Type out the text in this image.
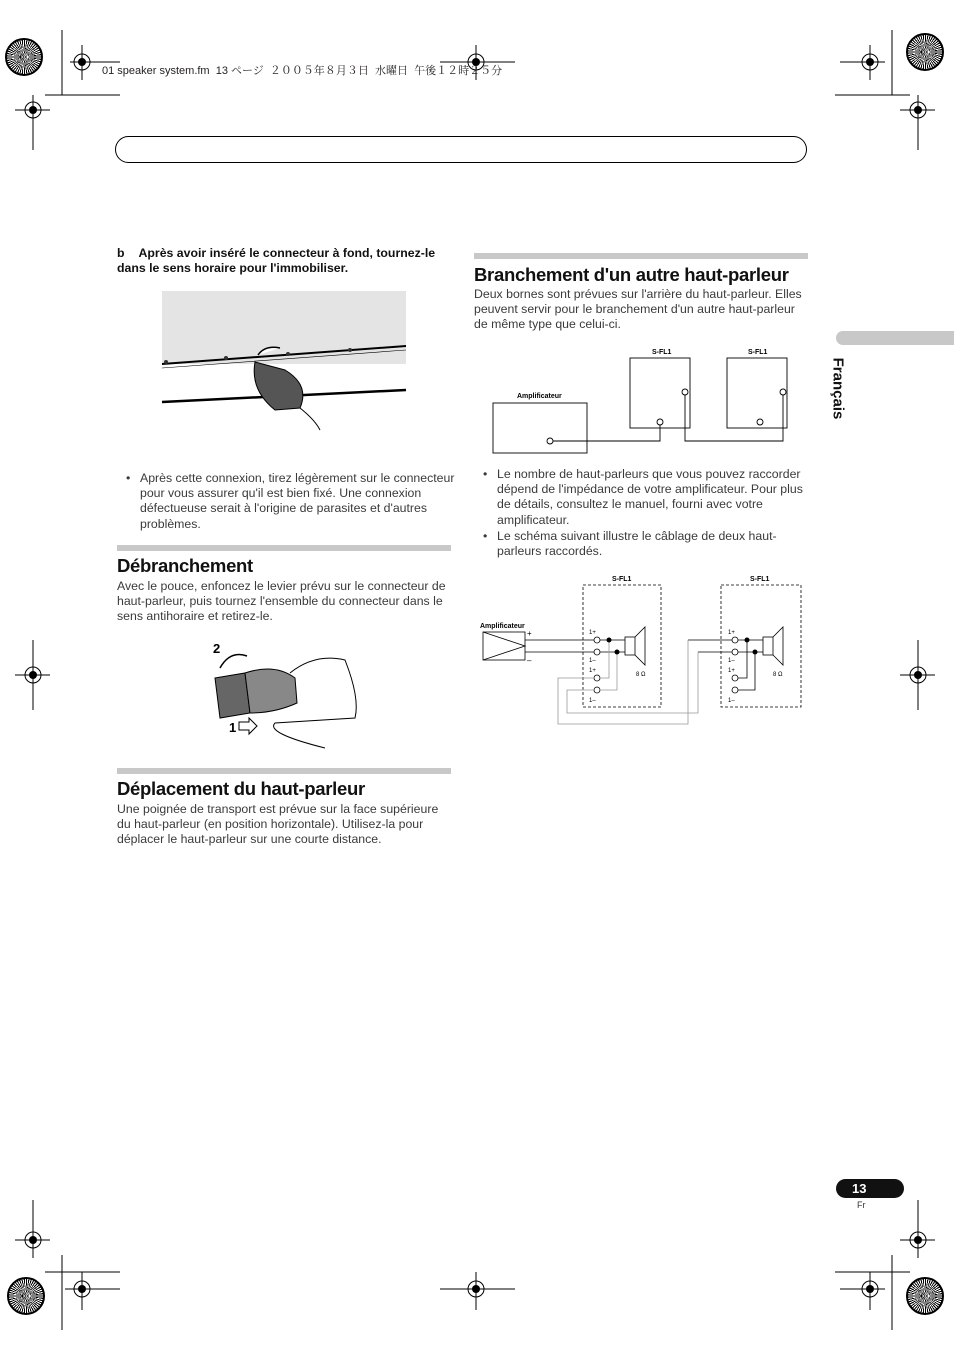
01 speaker system.fm  13 ページ  ２００５年８月３日  水曜日  午後１２時２５分
b Après avoir inséré le connecteur à fond, tournez-le dans le sens horaire pour l'immobiliser.
• Après cette connexion, tirez légèrement sur le connecteur pour vous assurer qu'il est bien fixé. Une connexion défectueuse serait à l'origine de parasites et d'autres problèmes.
Débranchement
Avec le pouce, enfoncez le levier prévu sur le connecteur de haut-parleur, puis tournez l'ensemble du connecteur dans le sens antihoraire et retirez-le.
2
1
Déplacement du haut-parleur
Une poignée de transport est prévue sur la face supérieure du haut-parleur (en position horizontale). Utilisez-la pour déplacer le haut-parleur sur une courte distance.
Branchement d'un autre haut-parleur
Deux bornes sont prévues sur l'arrière du haut-parleur. Elles peuvent servir pour le branchement d'un autre haut-parleur de même type que celui-ci.
Amplificateur
S-FL1	S-FL1
• Le nombre de haut-parleurs que vous pouvez raccorder dépend de l'impédance de votre amplificateur. Pour plus de détails, consultez le manuel, fourni avec votre amplificateur.
• Le schéma suivant illustre le câblage de deux haut-parleurs raccordés.
Amplificateur
S-FL1	S-FL1
+
–
1+
1–
1+
1–
1+
1–
1+
1–
8 Ω	8 Ω
Français
13
Fr
